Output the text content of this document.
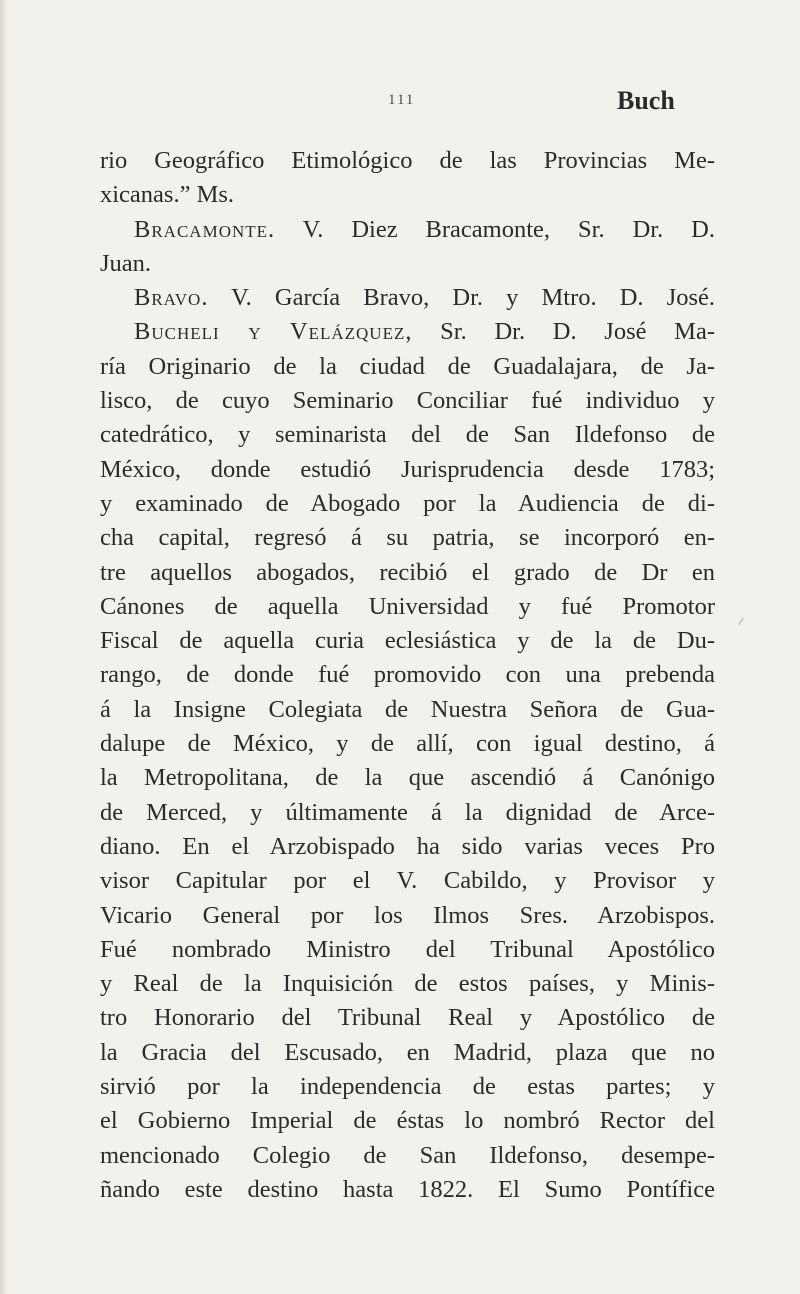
111	Buch
rio Geográfico Etimológico de las Provincias Me-
xicanas.” Ms.
Bracamonte. V. Diez Bracamonte, Sr. Dr. D.
Juan.
Bravo. V. García Bravo, Dr. y Mtro. D. José.
Bucheli y Velázquez, Sr. Dr. D. José Ma-
ría Originario de la ciudad de Guadalajara, de Ja-
lisco, de cuyo Seminario Conciliar fué individuo y
catedrático, y seminarista del de San Ildefonso de
México, donde estudió Jurisprudencia desde 1783;
y examinado de Abogado por la Audiencia de di-
cha capital, regresó á su patria, se incorporó en-
tre aquellos abogados, recibió el grado de Dr en
Cánones de aquella Universidad y fué Promotor
Fiscal de aquella curia eclesiástica y de la de Du-
rango, de donde fué promovido con una prebenda
á la Insigne Colegiata de Nuestra Señora de Gua-
dalupe de México, y de allí, con igual destino, á
la Metropolitana, de la que ascendió á Canónigo
de Merced, y últimamente á la dignidad de Arce-
diano. En el Arzobispado ha sido varias veces Pro
visor Capitular por el V. Cabildo, y Provisor y
Vicario General por los Ilmos Sres. Arzobispos.
Fué nombrado Ministro del Tribunal Apostólico
y Real de la Inquisición de estos países, y Minis-
tro Honorario del Tribunal Real y Apostólico de
la Gracia del Escusado, en Madrid, plaza que no
sirvió por la independencia de estas partes; y
el Gobierno Imperial de éstas lo nombró Rector del
mencionado Colegio de San Ildefonso, desempe-
ñando este destino hasta 1822. El Sumo Pontífice
